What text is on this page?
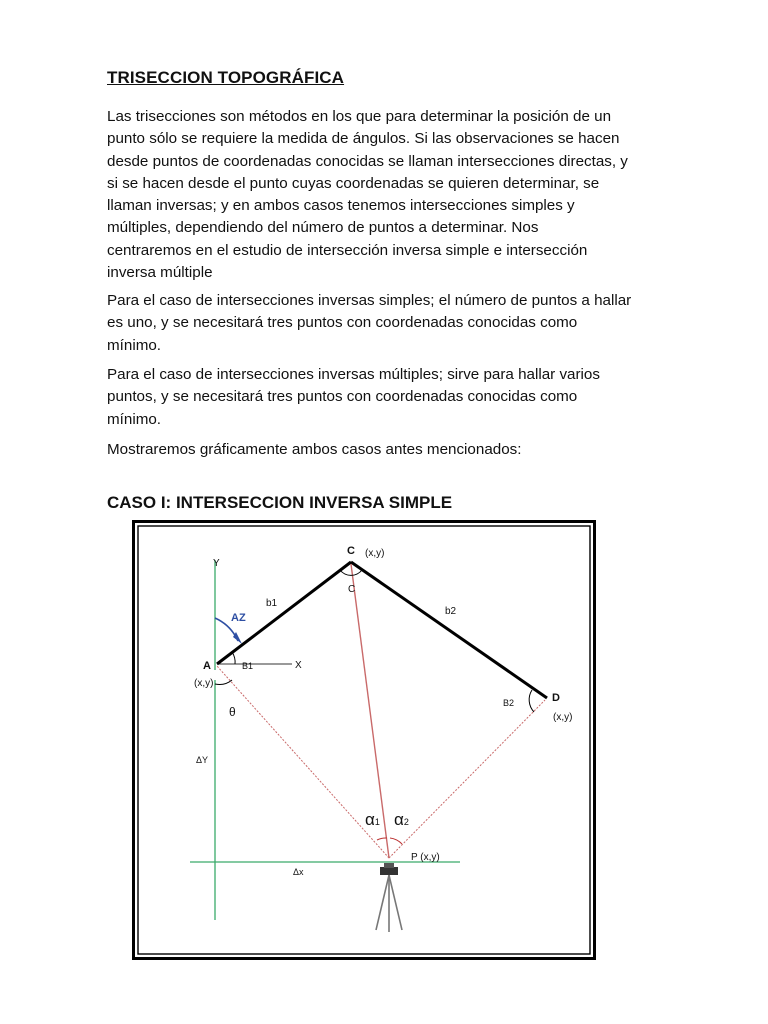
TRISECCION TOPOGRÁFICA
Las trisecciones son métodos en los que para determinar la posición de un
punto sólo se requiere la medida de ángulos. Si las observaciones se hacen
desde puntos de coordenadas conocidas se llaman intersecciones directas, y
si se hacen desde el punto cuyas coordenadas se quieren determinar, se
llaman inversas; y en ambos casos tenemos intersecciones simples y
múltiples, dependiendo del número de puntos a determinar. Nos
centraremos en el estudio de intersección inversa simple e intersección
inversa múltiple
Para el caso de intersecciones inversas simples; el número de puntos a hallar
es uno, y se necesitará tres puntos con coordenadas conocidas como
mínimo.
Para el caso de intersecciones inversas múltiples; sirve para hallar varios
puntos, y se necesitará tres puntos con coordenadas conocidas como
mínimo.
Mostraremos gráficamente ambos casos antes mencionados:
CASO I: INTERSECCION INVERSA SIMPLE
Y
X
C (x,y)
C
b1
b2
AZ
A
(x,y)
B1
θ
D
B2
(x,y)
ΔY
α1 α2
P (x,y)
Δx
